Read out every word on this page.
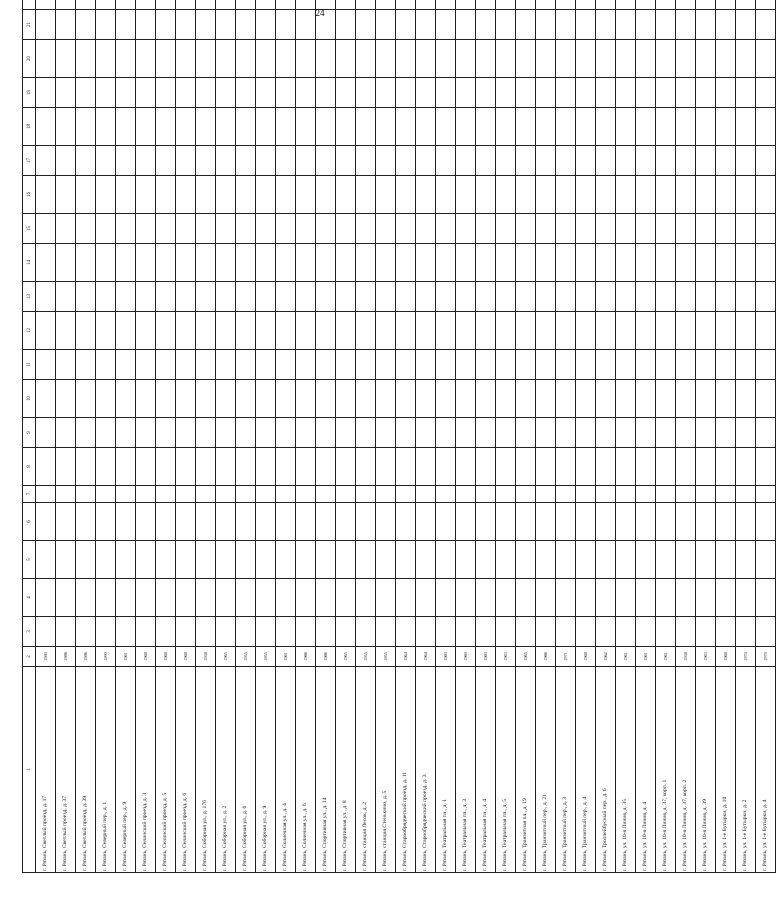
24
1	2	3	4	5	6	7	8	9	10	11	12	13	14	15	16	17	18	19	20	21					
г. Рязань, Светлый проезд, д. 17	1980																									
г. Рязань, Светлый проезд, д. 37	1986																									
г. Рязань, Светлый проезд, д. 39	1986																									
г. Рязань, Северный пер., д. 1	1990																									
г. Рязань, Северный пер., д. 9	1961																									
г. Рязань, Сенинский проезд, д. 3	1968																									
г. Рязань, Сенинский проезд, д. 5	1968																									
г. Рязань, Сенинский проезд, д. 6	1968																									
г. Рязань, Соборная ул., д. 17б	1958																									
г. Рязань, Соборная ул., д. 2	1965																									
г. Рязань, Соборная ул., д. 6	1955																									
г. Рязань, Соборная ул., д. 9	1955																									
г. Рязань, Солнечная ул., д. 4	1961																									
г. Рязань, Солнечная ул., д. 6	1966																									
г. Рязань, Спортивная ул., д. 14	1966																									
г. Рязань, Спортивная ул., д. 8	1965																									
г. Рязань, станция Лесок, д. 2	1955																									
г. Рязань, станция Стенькино, д. 5	1955																									
г. Рязань, Старообрядческий проезд, д. 11	1964																									
г. Рязань, Старообрядческий проезд, д. 3	1964																									
г. Рязань, Театральная пл., д. 1	1960																									
г. Рязань, Театральная пл., д. 3	1960																									
г. Рязань, Театральная пл., д. 4	1960																									
г. Рязань, Театральная пл., д. 5	1963																									
г. Рязань, Транзитная пл., д. 19	1965																									
г. Рязань, Транзитный пер., д. 21	1966																									
г. Рязань, Транзитный пер., д. 3	1971																									
г. Рязань, Транзитный пер., д. 4	1968																									
г. Рязань, Троллейбусный пер., д. 6	1962																									
г. Рязань, ул. 10-я Линия, д. 35	1961																									
г. Рязань, ул. 10-я Линия, д. 4	1961																									
г. Рязань, ул. 10-я Линия, д. 37, корп. 1	1961																									
г. Рязань, ул. 10-я Линия, д. 37, корп. 2	1958																									
г. Рязань, ул. 10-я Линия, д. 39	1963																									
г. Рязань, ул. 1-е Бутырки, д. 10	1968																									
г. Рязань, ул. 1-е Бутырки, д. 2	1970																									
г. Рязань, ул. 1-е Бутырки, д. 4	1970																									
